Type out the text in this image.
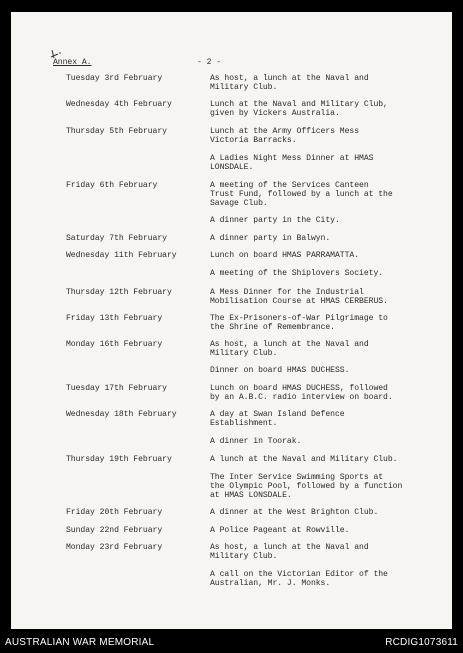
Annex A.	- 2 -
Tuesday 3rd February	As host, a lunch at the Naval and
Military Club.
Wednesday 4th February	Lunch at the Naval and Military Club,
given by Vickers Australia.
Thursday 5th February	Lunch at the Army Officers Mess
Victoria Barracks.
A Ladies Night Mess Dinner at HMAS
LONSDALE.
Friday 6th February	A meeting of the Services Canteen
Trust Fund, followed by a lunch at the
Savage Club.
A dinner party in the City.
Saturday 7th February	A dinner party in Balwyn.
Wednesday 11th February	Lunch on board HMAS PARRAMATTA.
A meeting of the Shiplovers Society.
Thursday 12th February	A Mess Dinner for the Industrial
Mobilisation Course at HMAS CERBERUS.
Friday 13th February	The Ex-Prisoners-of-War Pilgrimage to
the Shrine of Remembrance.
Monday 16th February	As host, a lunch at the Naval and
Military Club.
Dinner on board HMAS DUCHESS.
Tuesday 17th February	Lunch on board HMAS DUCHESS, followed
by an A.B.C. radio interview on board.
Wednesday 18th February	A day at Swan Island Defence
Establishment.
A dinner in Toorak.
Thursday 19th February	A lunch at the Naval and Military Club.
The Inter Service Swimming Sports at
the Olympic Pool, followed by a function
at HMAS LONSDALE.
Friday 20th February	A dinner at the West Brighton Club.
Sunday 22nd February	A Police Pageant at Rowville.
Monday 23rd February	As host, a lunch at the Naval and
Military Club.
A call on the Victorian Editor of the
Australian, Mr. J. Monks.
AUSTRALIAN WAR MEMORIAL	RCDIG1073611
